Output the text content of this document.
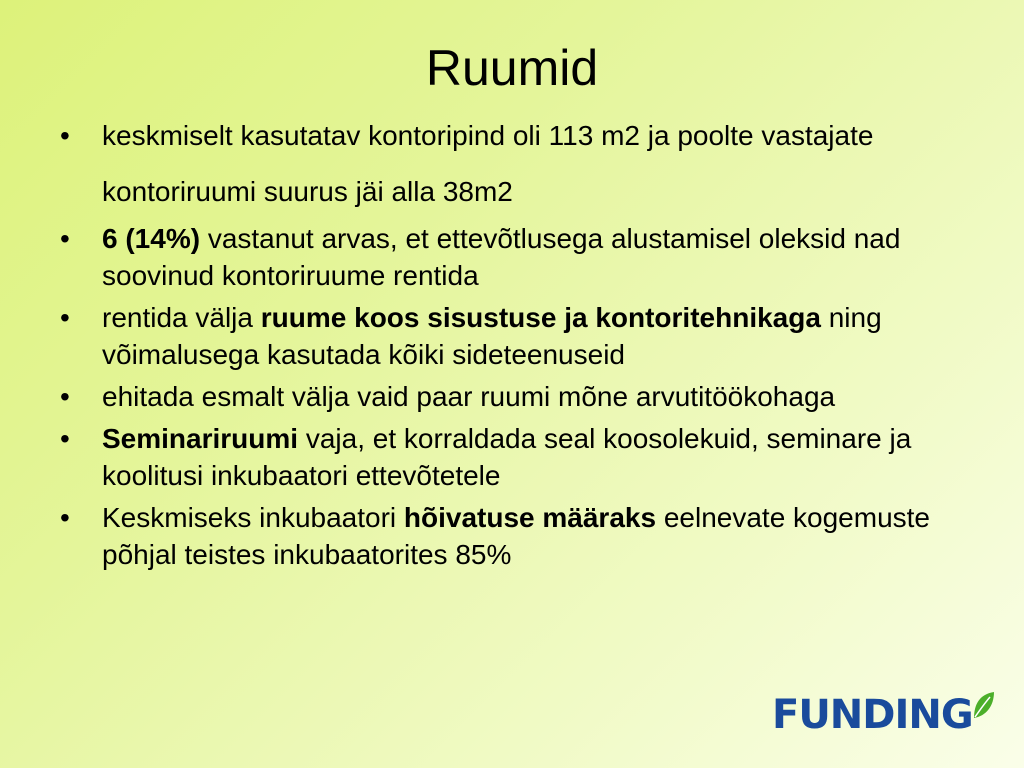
Ruumid
• keskmiselt kasutatav kontoripind oli 113 m2 ja poolte vastajate kontoriruumi suurus jäi alla 38m2
• 6 (14%) vastanut arvas, et ettevõtlusega alustamisel oleksid nad soovinud kontoriruume rentida
• rentida välja ruume koos sisustuse ja kontoritehnikaga ning võimalusega kasutada kõiki sideteenuseid
• ehitada esmalt välja vaid paar ruumi mõne arvutitöökohaga
• Seminariruumi vaja, et korraldada seal koosolekuid, seminare ja koolitusi inkubaatori ettevõtetele
• Keskmiseks inkubaatori hõivatuse määraks eelnevate kogemuste põhjal teistes inkubaatorites 85%
FUNDING
